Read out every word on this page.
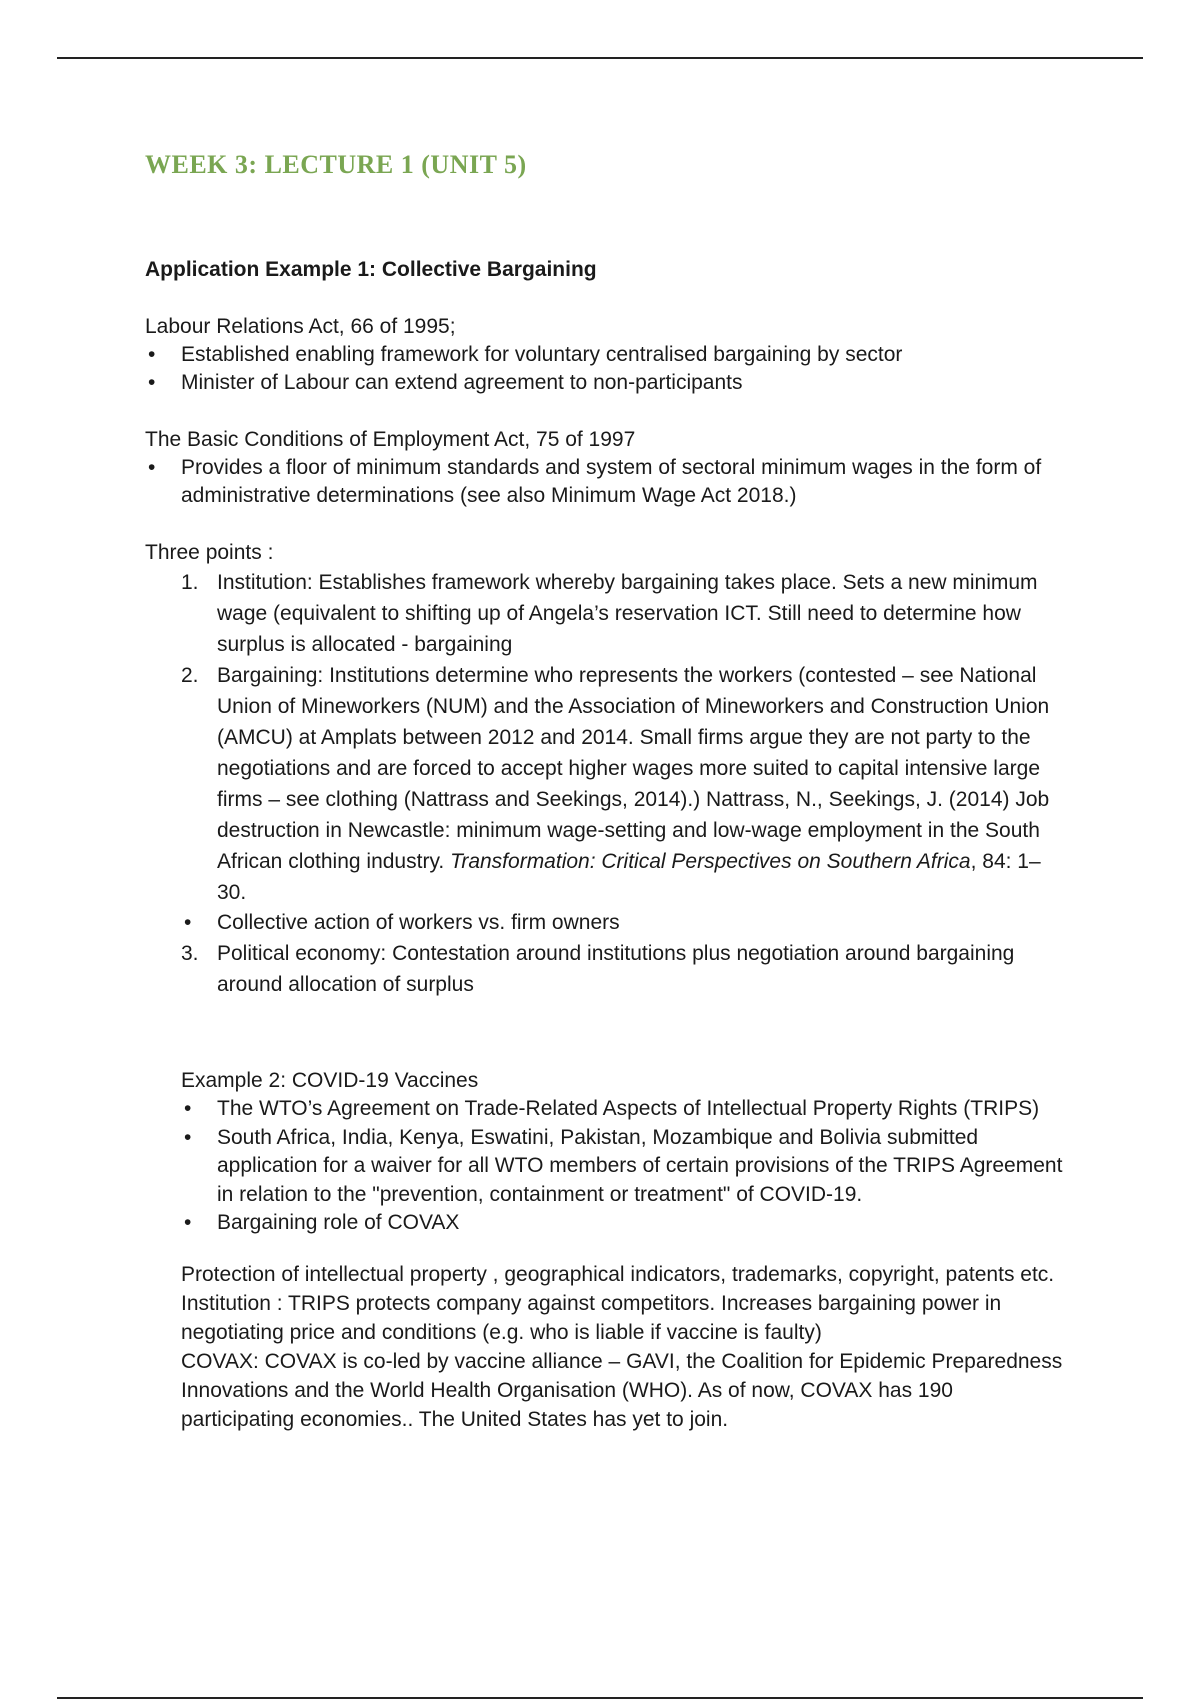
WEEK 3: LECTURE 1 (UNIT 5)

Application Example 1: Collective Bargaining

Labour Relations Act, 66 of 1995;

• Established enabling framework for voluntary centralised bargaining by sector
• Minister of Labour can extend agreement to non-participants

The Basic Conditions of Employment Act, 75 of 1997

• Provides a floor of minimum standards and system of sectoral minimum wages in the form of administrative determinations (see also Minimum Wage Act 2018.)

Three points :

1. Institution: Establishes framework whereby bargaining takes place. Sets a new minimum wage (equivalent to shifting up of Angela’s reservation ICT. Still need to determine how surplus is allocated - bargaining
2. Bargaining: Institutions determine who represents the workers (contested – see National Union of Mineworkers (NUM) and the Association of Mineworkers and Construction Union (AMCU) at Amplats between 2012 and 2014. Small firms argue they are not party to the negotiations and are forced to accept higher wages more suited to capital intensive large firms – see clothing (Nattrass and Seekings, 2014).) Nattrass, N., Seekings, J. (2014) Job destruction in Newcastle: minimum wage-setting and low-wage employment in the South African clothing industry. Transformation: Critical Perspectives on Southern Africa, 84: 1–30.
• Collective action of workers vs. firm owners
3. Political economy: Contestation around institutions plus negotiation around bargaining around allocation of surplus

Example 2: COVID-19 Vaccines

• The WTO’s Agreement on Trade-Related Aspects of Intellectual Property Rights (TRIPS)
• South Africa, India, Kenya, Eswatini, Pakistan, Mozambique and Bolivia submitted application for a waiver for all WTO members of certain provisions of the TRIPS Agreement in relation to the "prevention, containment or treatment" of COVID-19.
• Bargaining role of COVAX

Protection of intellectual property , geographical indicators, trademarks, copyright, patents etc.

Institution : TRIPS protects company against competitors. Increases bargaining power in negotiating price and conditions (e.g. who is liable if vaccine is faulty)

COVAX: COVAX is co-led by vaccine alliance – GAVI, the Coalition for Epidemic Preparedness Innovations and the World Health Organisation (WHO). As of now, COVAX has 190 participating economies.. The United States has yet to join.
